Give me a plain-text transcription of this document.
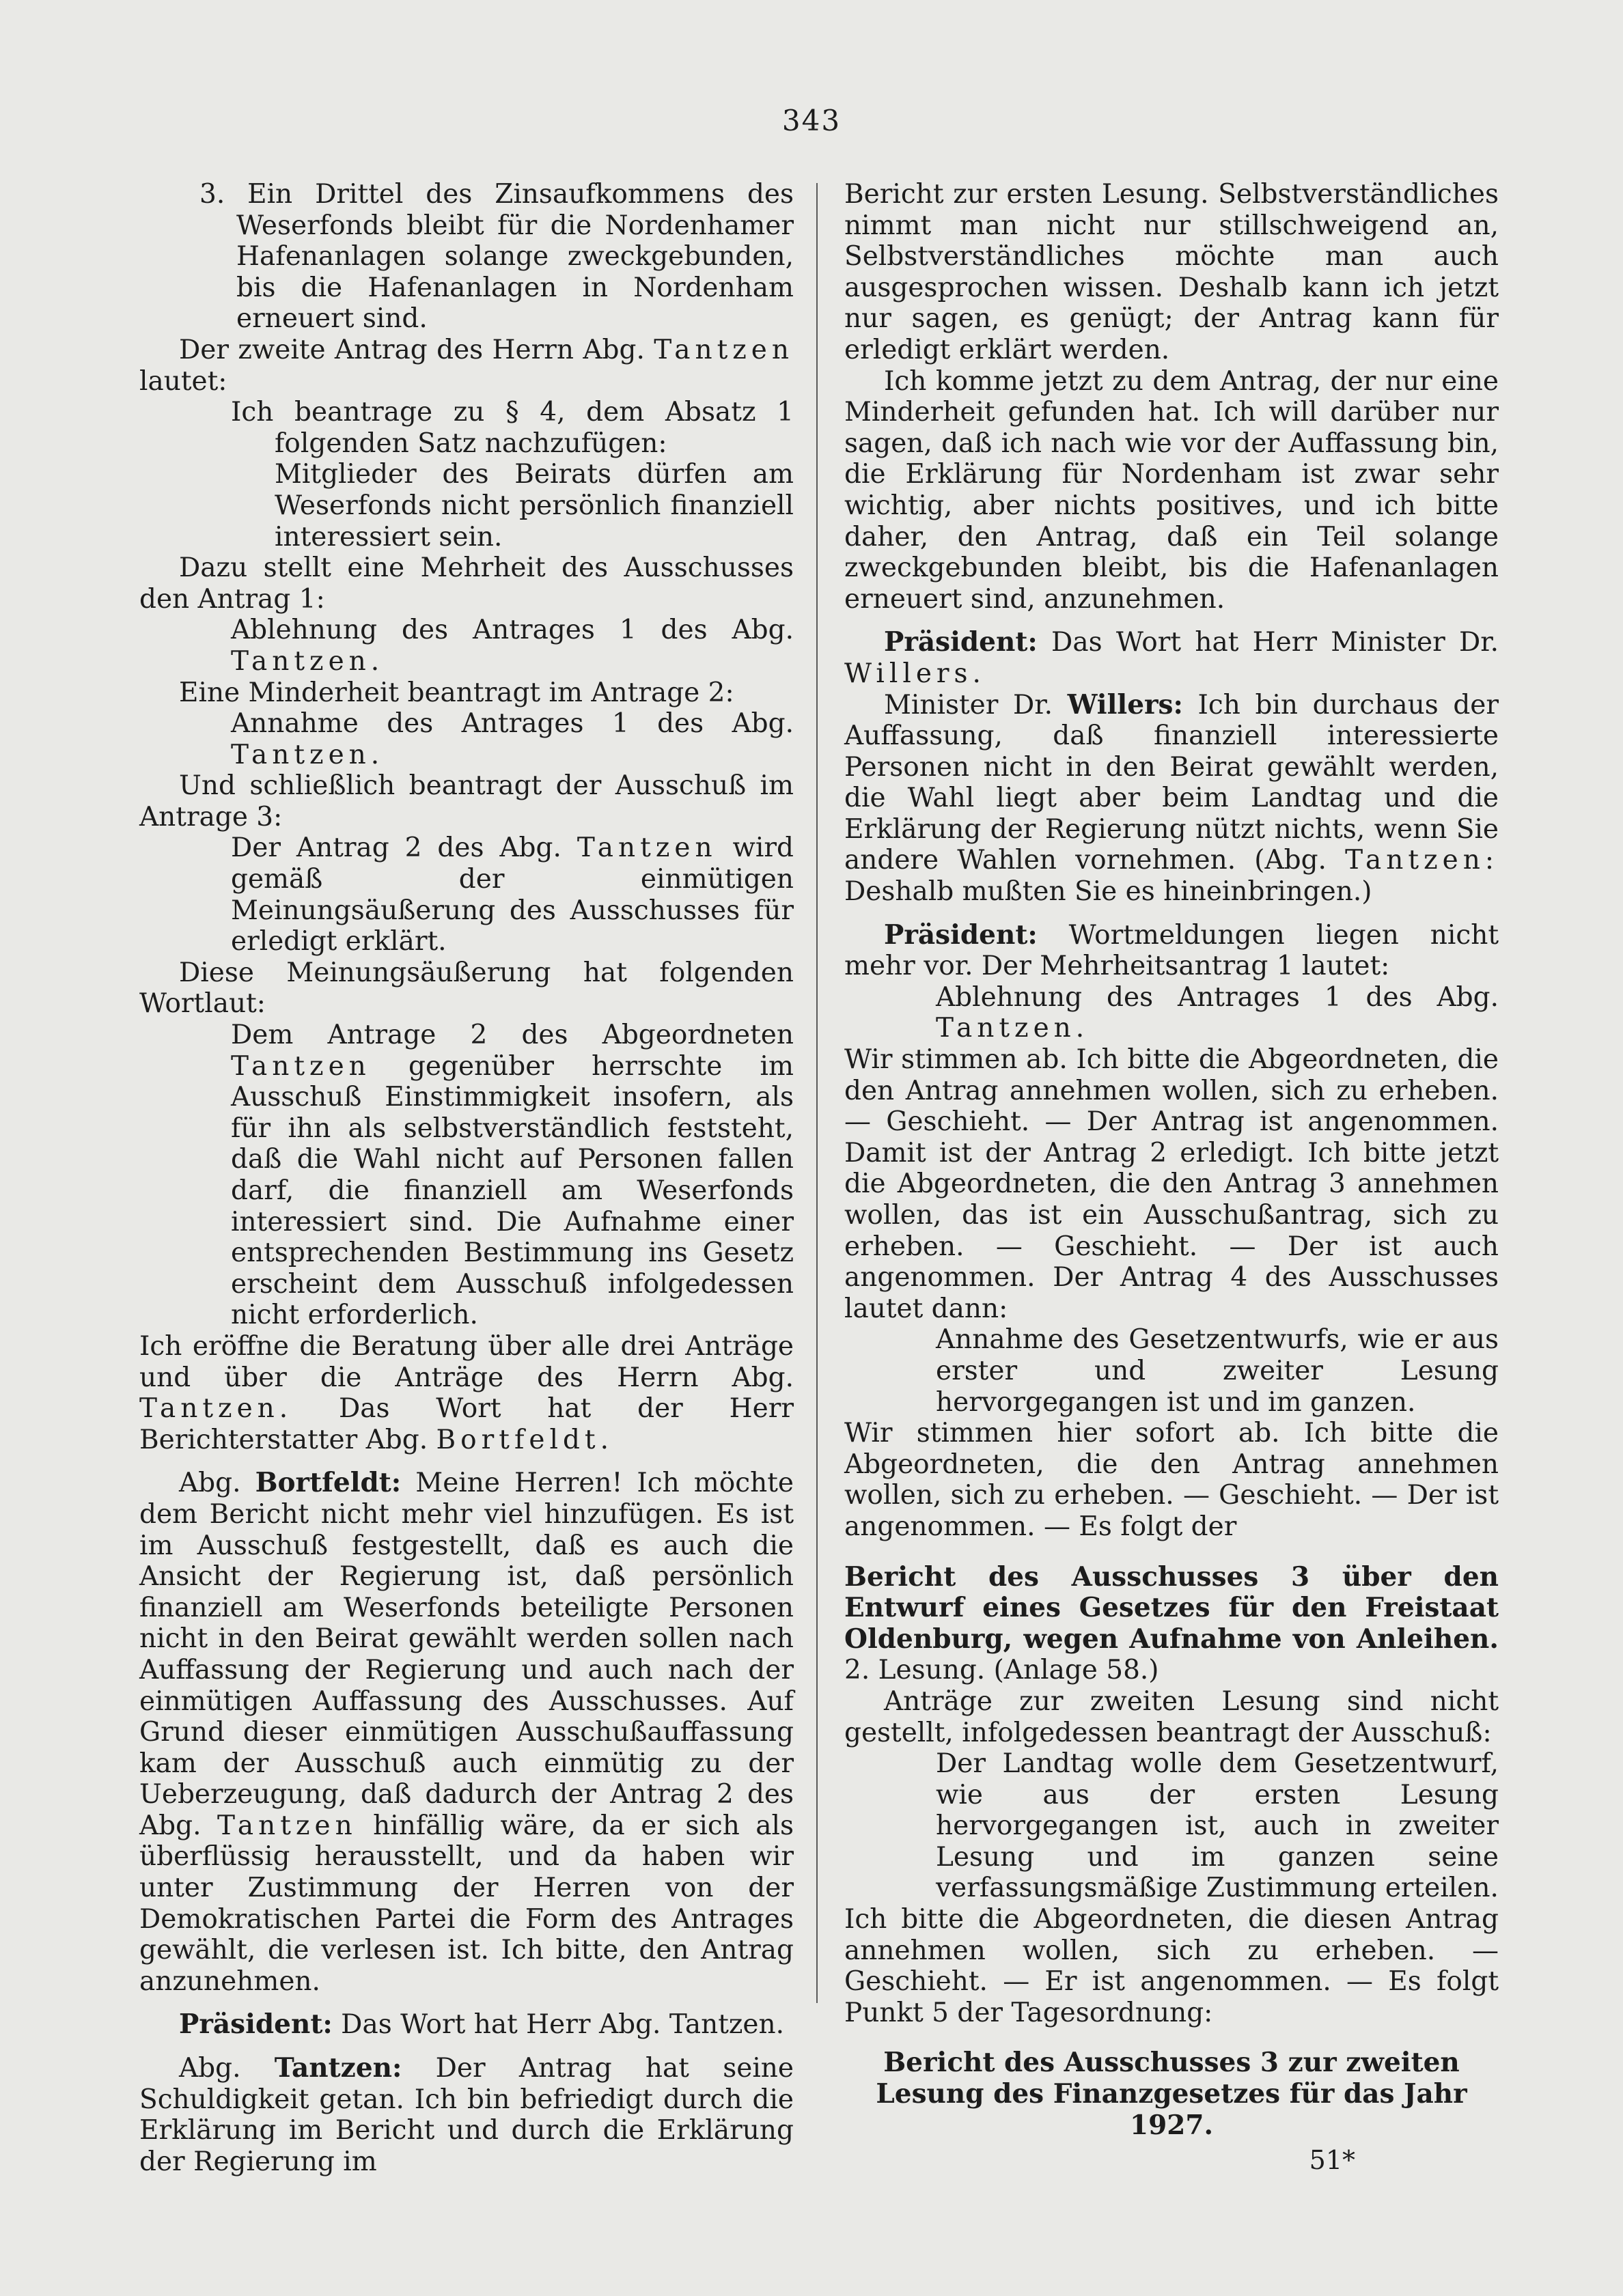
343

3. Ein Drittel des Zinsaufkommens des Weserfonds bleibt für die Nordenhamer Hafenanlagen solange zweckgebunden, bis die Hafenanlagen in Nordenham erneuert sind.

Der zweite Antrag des Herrn Abg. Tantzen lautet:

Ich beantrage zu § 4, dem Absatz 1 folgenden Satz nachzufügen:

Mitglieder des Beirats dürfen am Weserfonds nicht persönlich finanziell interessiert sein.

Dazu stellt eine Mehrheit des Ausschusses den Antrag 1:

Ablehnung des Antrages 1 des Abg. Tantzen.

Eine Minderheit beantragt im Antrage 2:

Annahme des Antrages 1 des Abg. Tantzen.

Und schließlich beantragt der Ausschuß im Antrage 3:

Der Antrag 2 des Abg. Tantzen wird gemäß der einmütigen Meinungsäußerung des Ausschusses für erledigt erklärt.

Diese Meinungsäußerung hat folgenden Wortlaut:

Dem Antrage 2 des Abgeordneten Tantzen gegenüber herrschte im Ausschuß Einstimmigkeit insofern, als für ihn als selbstverständlich feststeht, daß die Wahl nicht auf Personen fallen darf, die finanziell am Weserfonds interessiert sind. Die Aufnahme einer entsprechenden Bestimmung ins Gesetz erscheint dem Ausschuß infolgedessen nicht erforderlich.

Ich eröffne die Beratung über alle drei Anträge und über die Anträge des Herrn Abg. Tantzen. Das Wort hat der Herr Berichterstatter Abg. Bortfeldt.

Abg. Bortfeldt: Meine Herren! Ich möchte dem Bericht nicht mehr viel hinzufügen. Es ist im Ausschuß festgestellt, daß es auch die Ansicht der Regierung ist, daß persönlich finanziell am Weserfonds beteiligte Personen nicht in den Beirat gewählt werden sollen nach Auffassung der Regierung und auch nach der einmütigen Auffassung des Ausschusses. Auf Grund dieser einmütigen Ausschußauffassung kam der Ausschuß auch einmütig zu der Ueberzeugung, daß dadurch der Antrag 2 des Abg. Tantzen hinfällig wäre, da er sich als überflüssig herausstellt, und da haben wir unter Zustimmung der Herren von der Demokratischen Partei die Form des Antrages gewählt, die verlesen ist. Ich bitte, den Antrag anzunehmen.

Präsident: Das Wort hat Herr Abg. Tantzen.

Abg. Tantzen: Der Antrag hat seine Schuldigkeit getan. Ich bin befriedigt durch die Erklärung im Bericht und durch die Erklärung der Regierung im

Bericht zur ersten Lesung. Selbstverständliches nimmt man nicht nur stillschweigend an, Selbstverständliches möchte man auch ausgesprochen wissen. Deshalb kann ich jetzt nur sagen, es genügt; der Antrag kann für erledigt erklärt werden.

Ich komme jetzt zu dem Antrag, der nur eine Minderheit gefunden hat. Ich will darüber nur sagen, daß ich nach wie vor der Auffassung bin, die Erklärung für Nordenham ist zwar sehr wichtig, aber nichts positives, und ich bitte daher, den Antrag, daß ein Teil solange zweckgebunden bleibt, bis die Hafenanlagen erneuert sind, anzunehmen.

Präsident: Das Wort hat Herr Minister Dr. Willers.

Minister Dr. Willers: Ich bin durchaus der Auffassung, daß finanziell interessierte Personen nicht in den Beirat gewählt werden, die Wahl liegt aber beim Landtag und die Erklärung der Regierung nützt nichts, wenn Sie andere Wahlen vornehmen. (Abg. Tantzen: Deshalb mußten Sie es hineinbringen.)

Präsident: Wortmeldungen liegen nicht mehr vor. Der Mehrheitsantrag 1 lautet:

Ablehnung des Antrages 1 des Abg. Tantzen.

Wir stimmen ab. Ich bitte die Abgeordneten, die den Antrag annehmen wollen, sich zu erheben. — Geschieht. — Der Antrag ist angenommen. Damit ist der Antrag 2 erledigt. Ich bitte jetzt die Abgeordneten, die den Antrag 3 annehmen wollen, das ist ein Ausschußantrag, sich zu erheben. — Geschieht. — Der ist auch angenommen. Der Antrag 4 des Ausschusses lautet dann:

Annahme des Gesetzentwurfs, wie er aus erster und zweiter Lesung hervorgegangen ist und im ganzen.

Wir stimmen hier sofort ab. Ich bitte die Abgeordneten, die den Antrag annehmen wollen, sich zu erheben. — Geschieht. — Der ist angenommen. — Es folgt der

Bericht des Ausschusses 3 über den Entwurf eines Gesetzes für den Freistaat Oldenburg, wegen Aufnahme von Anleihen. 2. Lesung. (Anlage 58.)

Anträge zur zweiten Lesung sind nicht gestellt, infolgedessen beantragt der Ausschuß:

Der Landtag wolle dem Gesetzentwurf, wie aus der ersten Lesung hervorgegangen ist, auch in zweiter Lesung und im ganzen seine verfassungsmäßige Zustimmung erteilen.

Ich bitte die Abgeordneten, die diesen Antrag annehmen wollen, sich zu erheben. — Geschieht. — Er ist angenommen. — Es folgt Punkt 5 der Tagesordnung:

Bericht des Ausschusses 3 zur zweiten Lesung des Finanzgesetzes für das Jahr 1927.

51*
